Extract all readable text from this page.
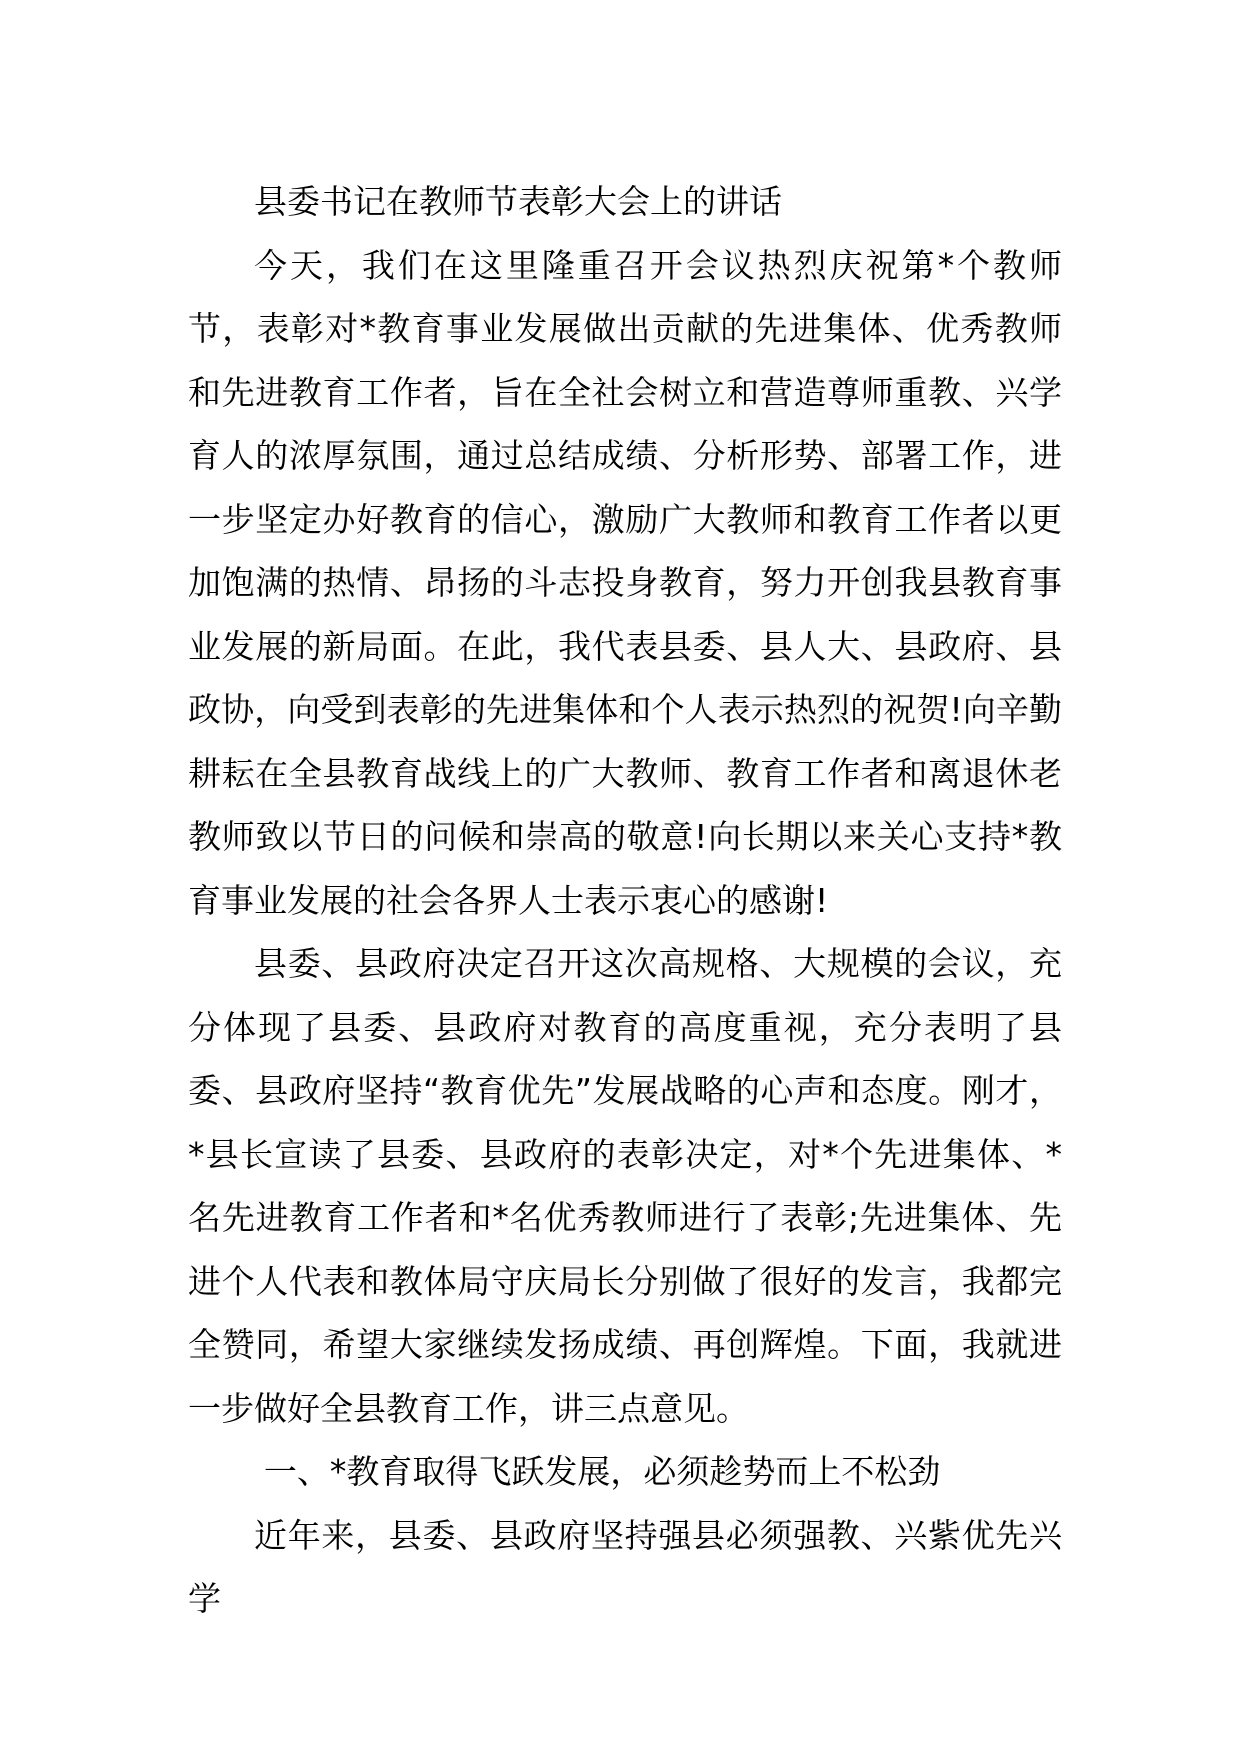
县委书记在教师节表彰大会上的讲话

今天，我们在这里隆重召开会议热烈庆祝第*个教师节，表彰对*教育事业发展做出贡献的先进集体、优秀教师和先进教育工作者，旨在全社会树立和营造尊师重教、兴学育人的浓厚氛围，通过总结成绩、分析形势、部署工作，进一步坚定办好教育的信心，激励广大教师和教育工作者以更加饱满的热情、昂扬的斗志投身教育，努力开创我县教育事业发展的新局面。在此，我代表县委、县人大、县政府、县政协，向受到表彰的先进集体和个人表示热烈的祝贺!向辛勤耕耘在全县教育战线上的广大教师、教育工作者和离退休老教师致以节日的问候和崇高的敬意!向长期以来关心支持*教育事业发展的社会各界人士表示衷心的感谢!

县委、县政府决定召开这次高规格、大规模的会议，充分体现了县委、县政府对教育的高度重视，充分表明了县委、县政府坚持“教育优先”发展战略的心声和态度。刚才，*县长宣读了县委、县政府的表彰决定，对*个先进集体、*名先进教育工作者和*名优秀教师进行了表彰;先进集体、先进个人代表和教体局守庆局长分别做了很好的发言，我都完全赞同，希望大家继续发扬成绩、再创辉煌。下面，我就进一步做好全县教育工作，讲三点意见。

一、*教育取得飞跃发展，必须趁势而上不松劲

近年来，县委、县政府坚持强县必须强教、兴紫优先兴学
